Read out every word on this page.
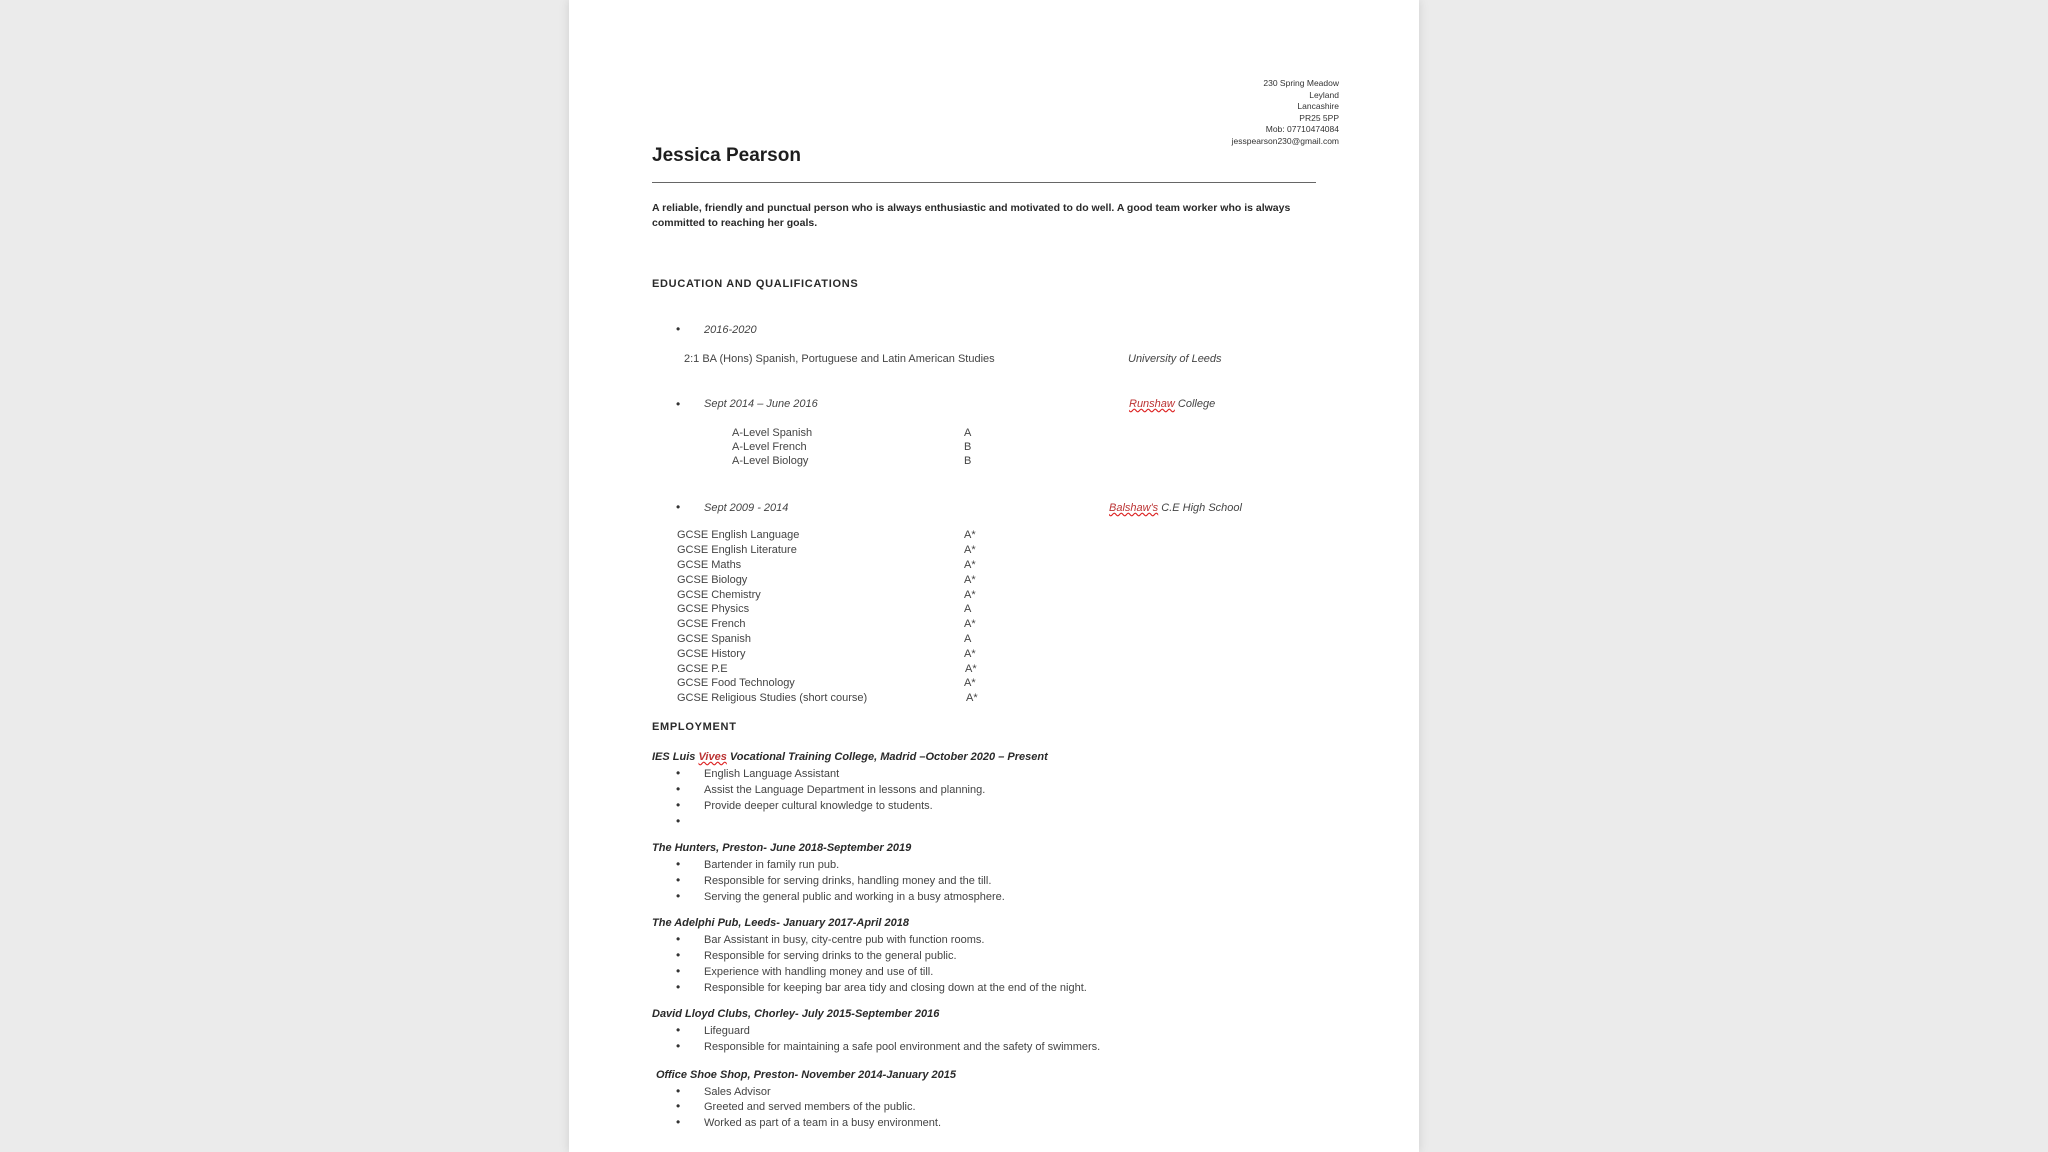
230 Spring Meadow
Leyland
Lancashire
PR25 5PP
Mob: 07710474084
jesspearson230@gmail.com
Jessica Pearson
A reliable, friendly and punctual person who is always enthusiastic and motivated to do well. A good team worker who is always committed to reaching her goals.
EDUCATION AND QUALIFICATIONS
• 2016-2020
2:1 BA (Hons) Spanish, Portuguese and Latin American Studies	University of Leeds
• Sept 2014 – June 2016	Runshaw College
A-Level Spanish	A
A-Level French	B
A-Level Biology	B
• Sept 2009 - 2014	Balshaw's C.E High School
GCSE English Language	A*
GCSE English Literature	A*
GCSE Maths	A*
GCSE Biology	A*
GCSE Chemistry	A*
GCSE Physics	A
GCSE French	A*
GCSE Spanish	A
GCSE History	A*
GCSE P.E	A*
GCSE Food Technology	A*
GCSE Religious Studies (short course)	A*
EMPLOYMENT
IES Luis Vives Vocational Training College, Madrid –October 2020 – Present
• English Language Assistant
• Assist the Language Department in lessons and planning.
• Provide deeper cultural knowledge to students.
•
The Hunters, Preston- June 2018-September 2019
• Bartender in family run pub.
• Responsible for serving drinks, handling money and the till.
• Serving the general public and working in a busy atmosphere.
The Adelphi Pub, Leeds- January 2017-April 2018
• Bar Assistant in busy, city-centre pub with function rooms.
• Responsible for serving drinks to the general public.
• Experience with handling money and use of till.
• Responsible for keeping bar area tidy and closing down at the end of the night.
David Lloyd Clubs, Chorley- July 2015-September 2016
• Lifeguard
• Responsible for maintaining a safe pool environment and the safety of swimmers.
Office Shoe Shop, Preston- November 2014-January 2015
• Sales Advisor
• Greeted and served members of the public.
• Worked as part of a team in a busy environment.
